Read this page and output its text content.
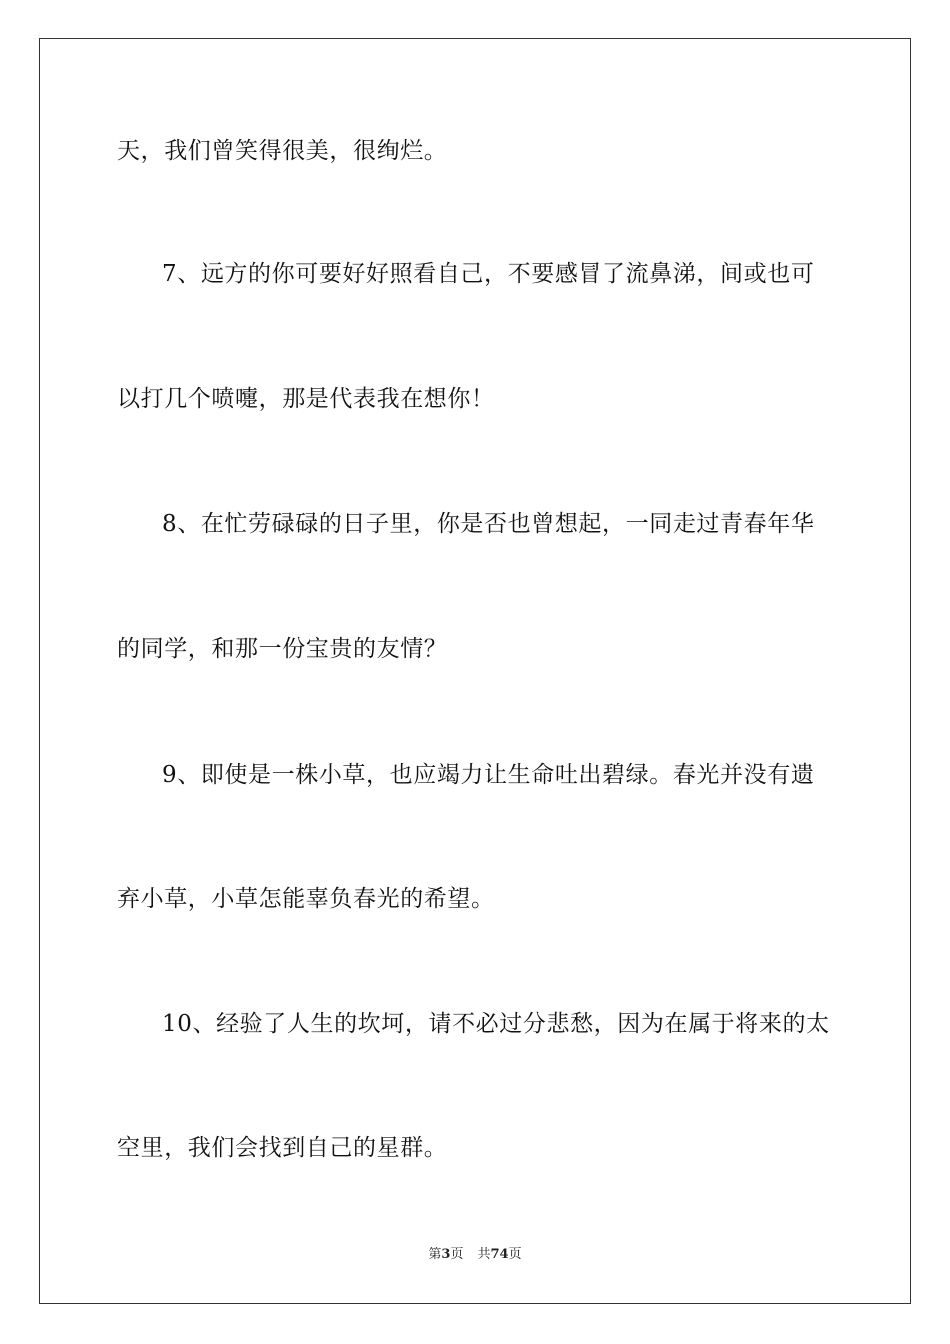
天，我们曾笑得很美，很绚烂。
7、远方的你可要好好照看自己，不要感冒了流鼻涕，间或也可
以打几个喷嚏，那是代表我在想你！
8、在忙劳碌碌的日子里，你是否也曾想起，一同走过青春年华
的同学，和那一份宝贵的友情？
9、即使是一株小草，也应竭力让生命吐出碧绿。春光并没有遗
弃小草，小草怎能辜负春光的希望。
10、经验了人生的坎坷，请不必过分悲愁，因为在属于将来的太
空里，我们会找到自己的星群。
第3页 共74页
